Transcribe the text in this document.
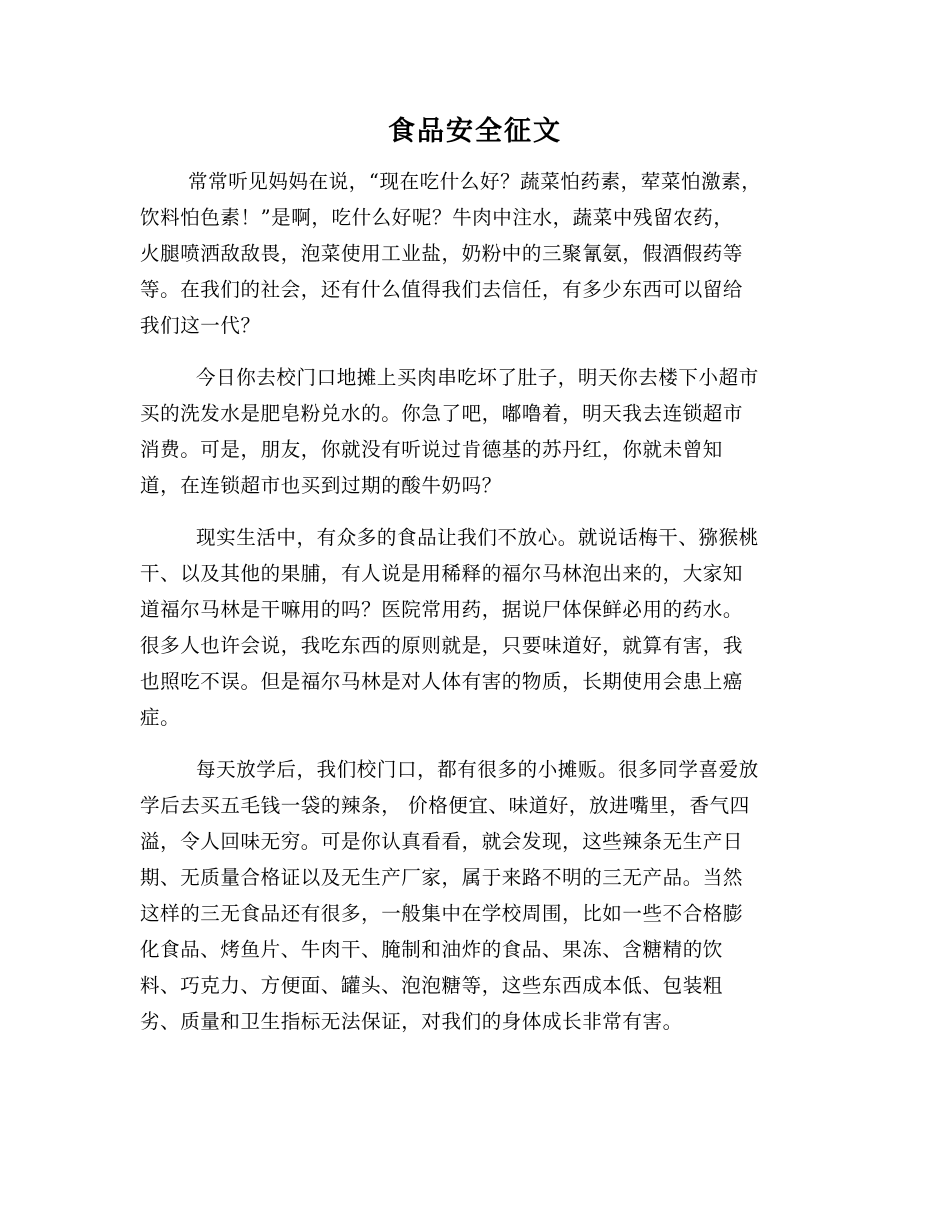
食品安全征文
常常听见妈妈在说，“现在吃什么好？蔬菜怕药素，荤菜怕激素，
饮料怕色素！”是啊，吃什么好呢？牛肉中注水，蔬菜中残留农药，
火腿喷洒敌敌畏，泡菜使用工业盐，奶粉中的三聚氰氨，假酒假药等
等。在我们的社会，还有什么值得我们去信任，有多少东西可以留给
我们这一代？
今日你去校门口地摊上买肉串吃坏了肚子，明天你去楼下小超市
买的洗发水是肥皂粉兑水的。你急了吧，嘟噜着，明天我去连锁超市
消费。可是，朋友，你就没有听说过肯德基的苏丹红，你就未曾知
道，在连锁超市也买到过期的酸牛奶吗？
现实生活中，有众多的食品让我们不放心。就说话梅干、猕猴桃
干、以及其他的果脯，有人说是用稀释的福尔马林泡出来的，大家知
道福尔马林是干嘛用的吗？医院常用药，据说尸体保鲜必用的药水。
很多人也许会说，我吃东西的原则就是，只要味道好，就算有害，我
也照吃不误。但是福尔马林是对人体有害的物质，长期使用会患上癌
症。
每天放学后，我们校门口，都有很多的小摊贩。很多同学喜爱放
学后去买五毛钱一袋的辣条， 价格便宜、味道好，放进嘴里，香气四
溢，令人回味无穷。可是你认真看看，就会发现，这些辣条无生产日
期、无质量合格证以及无生产厂家，属于来路不明的三无产品。当然
这样的三无食品还有很多，一般集中在学校周围，比如一些不合格膨
化食品、烤鱼片、牛肉干、腌制和油炸的食品、果冻、含糖精的饮
料、巧克力、方便面、罐头、泡泡糖等，这些东西成本低、包装粗
劣、质量和卫生指标无法保证，对我们的身体成长非常有害。
